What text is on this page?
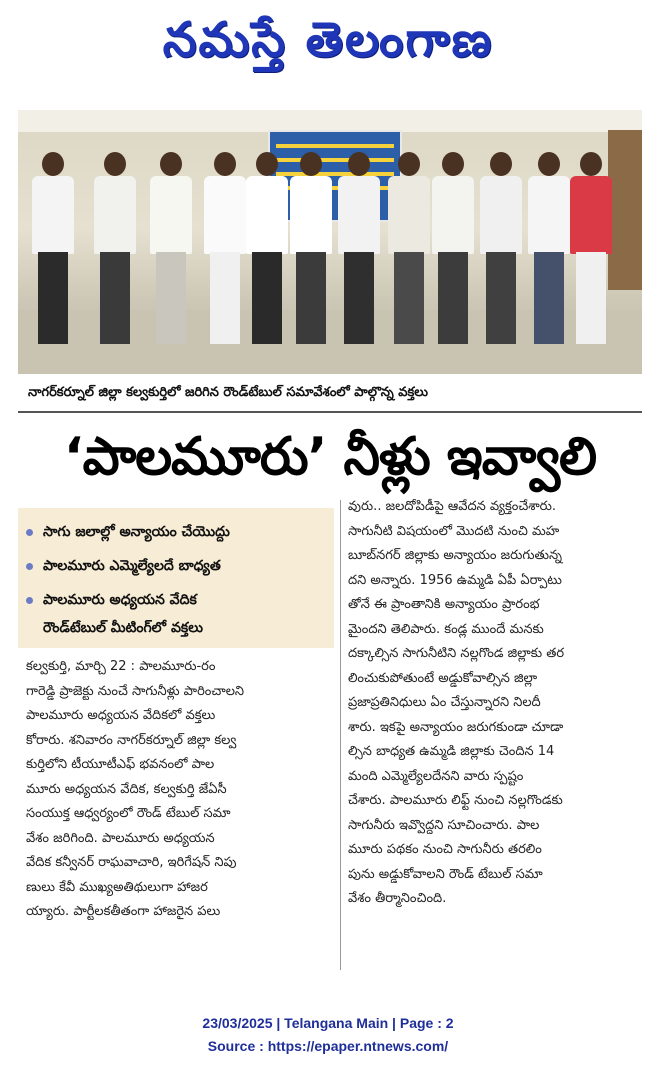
నమస్తే తెలంగాణ
నాగర్‌కర్నూల్ జిల్లా కల్వకుర్తిలో జరిగిన రౌండ్‌టేబుల్ సమావేశంలో పాల్గొన్న వక్తలు
‘పాలమూరు’ నీళ్లు ఇవ్వాలి
సాగు జలాల్లో అన్యాయం చేయొద్దు
పాలమూరు ఎమ్మెల్యేలదే బాధ్యత
పాలమూరు అధ్యయన వేదిక
రౌండ్‌టేబుల్ మీటింగ్‌లో వక్తలు
కల్వకుర్తి, మార్చి 22 : పాలమూరు-రం
గారెడ్డి ప్రాజెక్టు నుంచే సాగునీళ్లు పారించాలని
పాలమూరు అధ్యయన వేదికలో వక్తలు
కోరారు. శనివారం నాగర్‌కర్నూల్ జిల్లా కల్వ
కుర్తిలోని టీయూటీఎఫ్ భవనంలో పాల
మూరు అధ్యయన వేదిక, కల్వకుర్తి జేఏసీ
సంయుక్త ఆధ్వర్యంలో రౌండ్ టేబుల్ సమా
వేశం జరిగింది. పాలమూరు అధ్యయన
వేదిక కన్వీనర్ రాఘవాచారి, ఇరిగేషన్ నిపు
ణులు కేవీ ముఖ్యఅతిథులుగా హాజర
య్యారు. పార్టీలకతీతంగా హాజరైన పలు
వురు.. జలదోపిడీపై ఆవేదన వ్యక్తంచేశారు.
సాగునీటి విషయంలో మొదటి నుంచి మహ
బూబ్‌నగర్ జిల్లాకు అన్యాయం జరుగుతున్న
దని అన్నారు. 1956 ఉమ్మడి ఏపీ ఏర్పాటు
తోనే ఈ ప్రాంతానికి అన్యాయం ప్రారంభ
మైందని తెలిపారు. కండ్ల ముందే మనకు
దక్కాల్సిన సాగునీటిని నల్లగొండ జిల్లాకు తర
లించుకుపోతుంటే అడ్డుకోవాల్సిన జిల్లా
ప్రజాప్రతినిధులు ఏం చేస్తున్నారని నిలదీ
శారు. ఇకపై అన్యాయం జరుగకుండా చూడా
ల్సిన బాధ్యత ఉమ్మడి జిల్లాకు చెందిన 14
మంది ఎమ్మెల్యేలదేనని వారు స్పష్టం
చేశారు. పాలమూరు లిఫ్ట్ నుంచి నల్లగొండకు
సాగునీరు ఇవ్వొద్దని సూచించారు. పాల
మూరు పథకం నుంచి సాగునీరు తరలిం
పును అడ్డుకోవాలని రౌండ్ టేబుల్ సమా
వేశం తీర్మానించింది.
23/03/2025 | Telangana Main | Page : 2
Source : https://epaper.ntnews.com/
